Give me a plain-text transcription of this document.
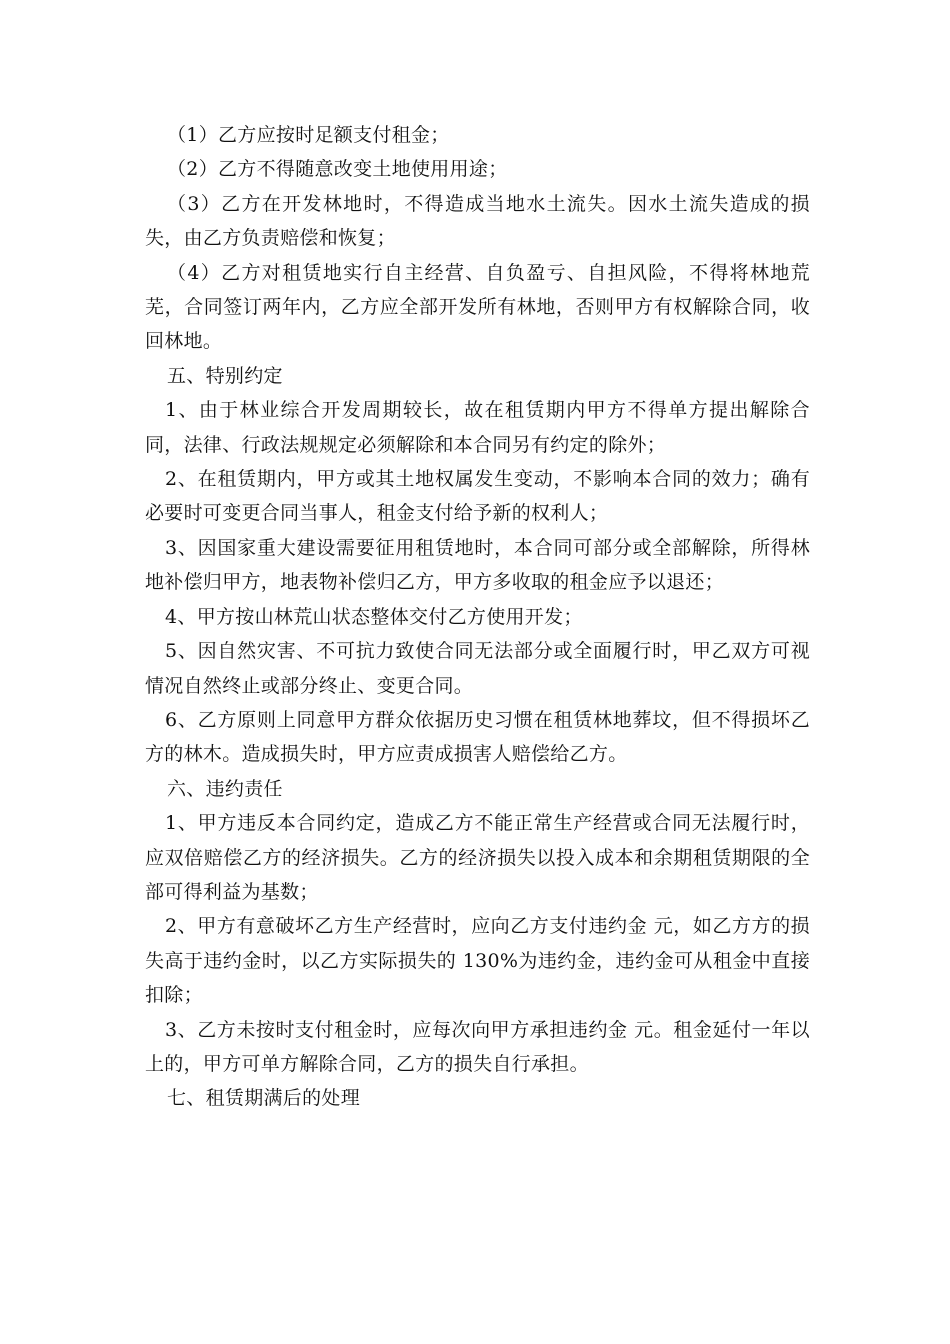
（1）乙方应按时足额支付租金；

（2）乙方不得随意改变土地使用用途；

（3）乙方在开发林地时，不得造成当地水土流失。因水土流失造成的损失，由乙方负责赔偿和恢复；

（4）乙方对租赁地实行自主经营、自负盈亏、自担风险，不得将林地荒芜，合同签订两年内，乙方应全部开发所有林地，否则甲方有权解除合同，收回林地。

五、特别约定

1、由于林业综合开发周期较长，故在租赁期内甲方不得单方提出解除合同，法律、行政法规规定必须解除和本合同另有约定的除外；

2、在租赁期内，甲方或其土地权属发生变动，不影响本合同的效力；确有必要时可变更合同当事人，租金支付给予新的权利人；

3、因国家重大建设需要征用租赁地时，本合同可部分或全部解除，所得林地补偿归甲方，地表物补偿归乙方，甲方多收取的租金应予以退还；

4、甲方按山林荒山状态整体交付乙方使用开发；

5、因自然灾害、不可抗力致使合同无法部分或全面履行时，甲乙双方可视情况自然终止或部分终止、变更合同。

6、乙方原则上同意甲方群众依据历史习惯在租赁林地葬坟，但不得损坏乙方的林木。造成损失时，甲方应责成损害人赔偿给乙方。

六、违约责任

1、甲方违反本合同约定，造成乙方不能正常生产经营或合同无法履行时，应双倍赔偿乙方的经济损失。乙方的经济损失以投入成本和余期租赁期限的全部可得利益为基数；

2、甲方有意破坏乙方生产经营时，应向乙方支付违约金 元，如乙方方的损失高于违约金时，以乙方实际损失的 130%为违约金，违约金可从租金中直接扣除；

3、乙方未按时支付租金时，应每次向甲方承担违约金 元。租金延付一年以上的，甲方可单方解除合同，乙方的损失自行承担。

七、租赁期满后的处理
